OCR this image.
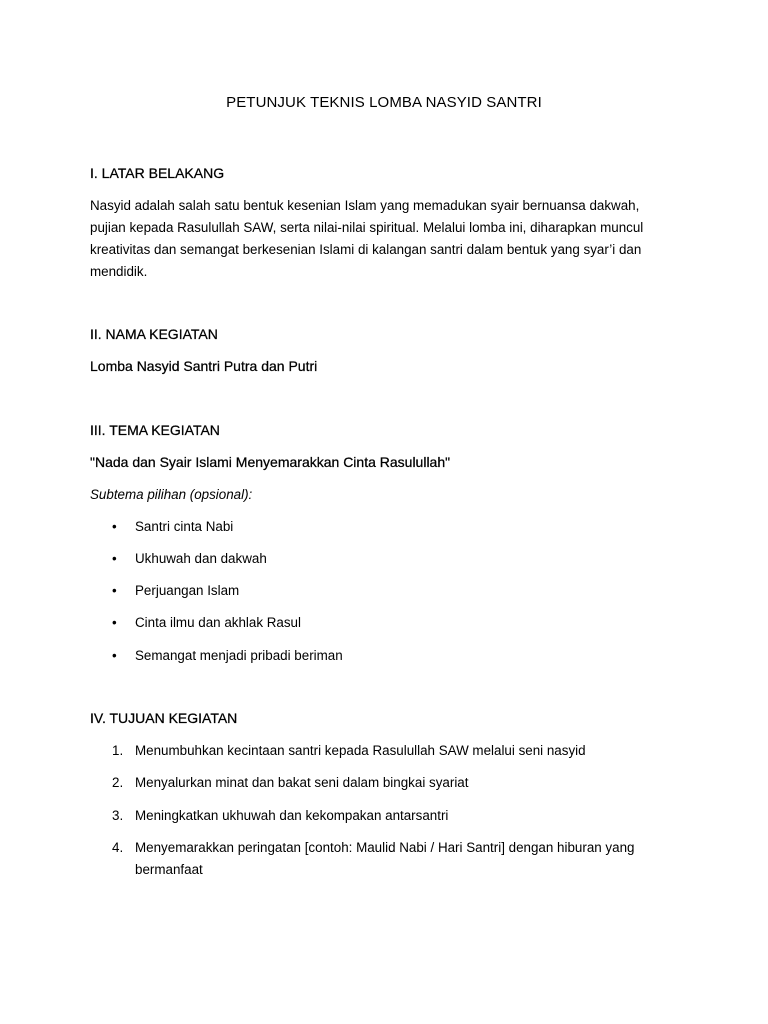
PETUNJUK TEKNIS LOMBA NASYID SANTRI
I. LATAR BELAKANG
Nasyid adalah salah satu bentuk kesenian Islam yang memadukan syair bernuansa dakwah,
pujian kepada Rasulullah SAW, serta nilai-nilai spiritual. Melalui lomba ini, diharapkan muncul
kreativitas dan semangat berkesenian Islami di kalangan santri dalam bentuk yang syar’i dan
mendidik.
II. NAMA KEGIATAN
Lomba Nasyid Santri Putra dan Putri
III. TEMA KEGIATAN
"Nada dan Syair Islami Menyemarakkan Cinta Rasulullah"
Subtema pilihan (opsional):
• Santri cinta Nabi
• Ukhuwah dan dakwah
• Perjuangan Islam
• Cinta ilmu dan akhlak Rasul
• Semangat menjadi pribadi beriman
IV. TUJUAN KEGIATAN
1. Menumbuhkan kecintaan santri kepada Rasulullah SAW melalui seni nasyid
2. Menyalurkan minat dan bakat seni dalam bingkai syariat
3. Meningkatkan ukhuwah dan kekompakan antarsantri
4. Menyemarakkan peringatan [contoh: Maulid Nabi / Hari Santri] dengan hiburan yang
bermanfaat
